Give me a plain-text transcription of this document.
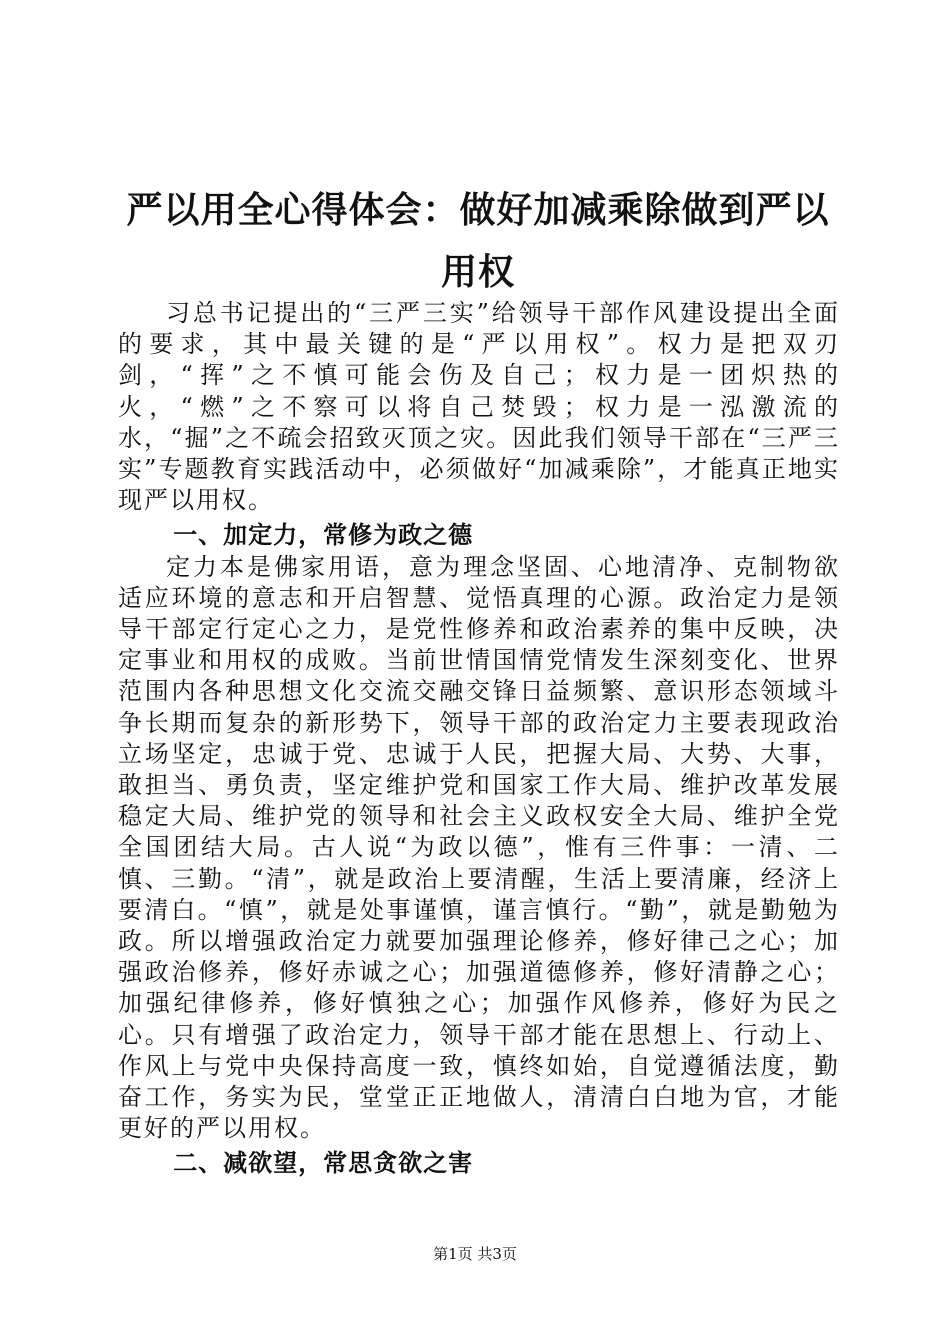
严以用全心得体会：做好加减乘除做到严以用权

习总书记提出的“三严三实”给领导干部作风建设提出全面的要求，其中最关键的是“严以用权”。权力是把双刃剑，“挥”之不慎可能会伤及自己；权力是一团炽热的火，“燃”之不察可以将自己焚毁；权力是一泓激流的水，“掘”之不疏会招致灭顶之灾。因此我们领导干部在“三严三实”专题教育实践活动中，必须做好“加减乘除”，才能真正地实现严以用权。

一、加定力，常修为政之德

定力本是佛家用语，意为理念坚固、心地清净、克制物欲适应环境的意志和开启智慧、觉悟真理的心源。政治定力是领导干部定行定心之力，是党性修养和政治素养的集中反映，决定事业和用权的成败。当前世情国情党情发生深刻变化、世界范围内各种思想文化交流交融交锋日益频繁、意识形态领域斗争长期而复杂的新形势下，领导干部的政治定力主要表现政治立场坚定，忠诚于党、忠诚于人民，把握大局、大势、大事，敢担当、勇负责，坚定维护党和国家工作大局、维护改革发展稳定大局、维护党的领导和社会主义政权安全大局、维护全党全国团结大局。古人说“为政以德”，惟有三件事：一清、二慎、三勤。“清”，就是政治上要清醒，生活上要清廉，经济上要清白。“慎”，就是处事谨慎，谨言慎行。“勤”，就是勤勉为政。所以增强政治定力就要加强理论修养，修好律己之心；加强政治修养，修好赤诚之心；加强道德修养，修好清静之心；加强纪律修养，修好慎独之心；加强作风修养，修好为民之心。只有增强了政治定力，领导干部才能在思想上、行动上、作风上与党中央保持高度一致，慎终如始，自觉遵循法度，勤奋工作，务实为民，堂堂正正地做人，清清白白地为官，才能更好的严以用权。

二、减欲望，常思贪欲之害

第1页 共3页
